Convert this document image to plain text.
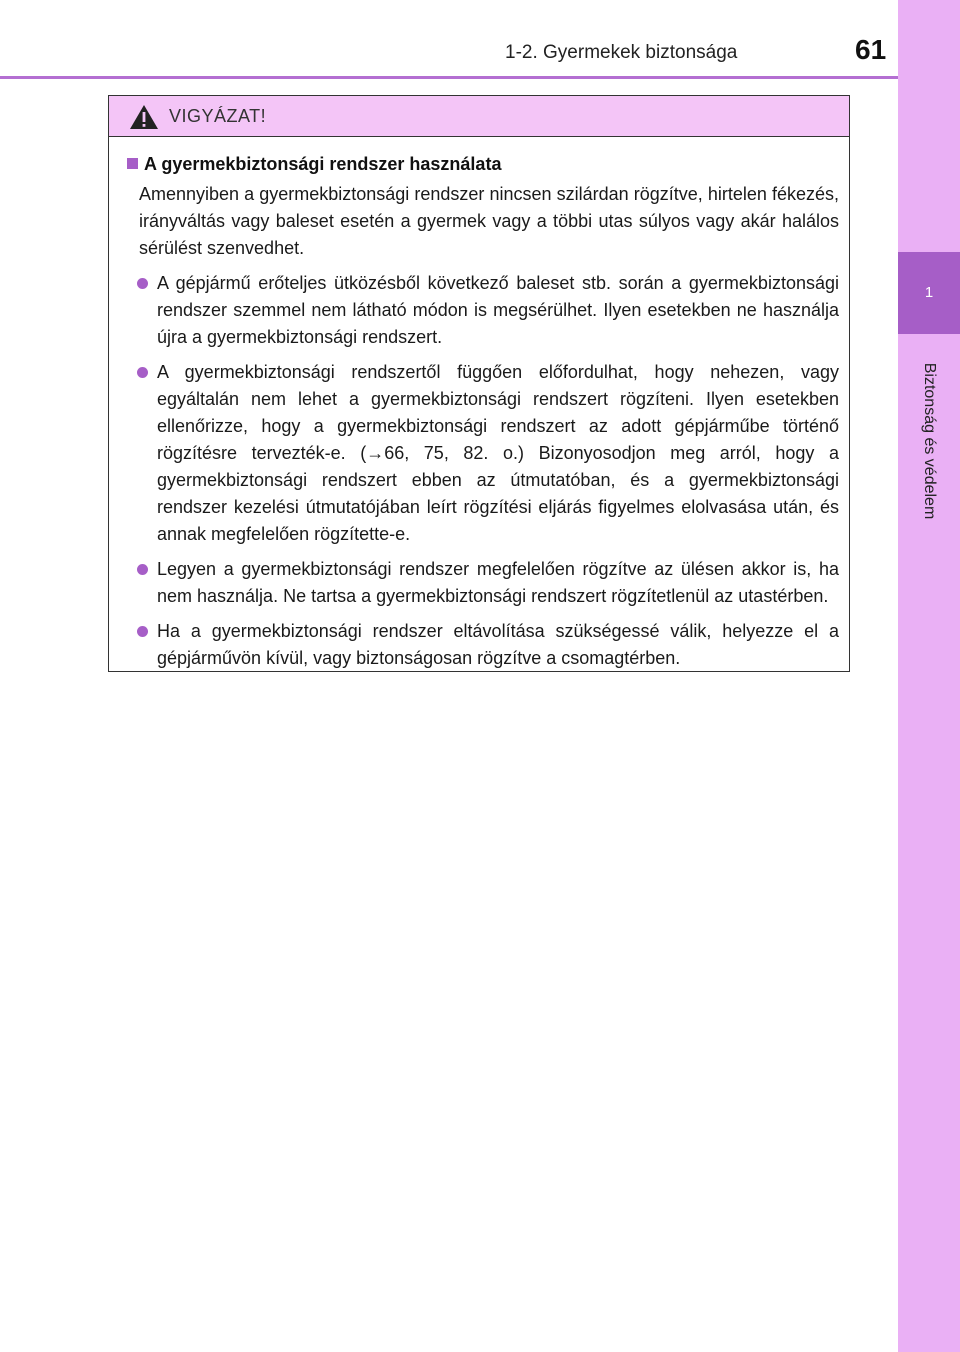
1-2. Gyermekek biztonsága	61
1
Biztonság és védelem
VIGYÁZAT!
A gyermekbiztonsági rendszer használata

Amennyiben a gyermekbiztonsági rendszer nincsen szilárdan rögzítve, hirtelen fékezés, irányváltás vagy baleset esetén a gyermek vagy a többi utas súlyos vagy akár halálos sérülést szenvedhet.

A gépjármű erőteljes ütközésből következő baleset stb. során a gyermekbiztonsági rendszer szemmel nem látható módon is megsérülhet. Ilyen esetekben ne használja újra a gyermekbiztonsági rendszert.
A gyermekbiztonsági rendszertől függően előfordulhat, hogy nehezen, vagy egyáltalán nem lehet a gyermekbiztonsági rendszert rögzíteni. Ilyen esetekben ellenőrizze, hogy a gyermekbiztonsági rendszert az adott gépjárműbe történő rögzítésre tervezték-e. (→66, 75, 82. o.) Bizonyosodjon meg arról, hogy a gyermekbiztonsági rendszert ebben az útmutatóban, és a gyermekbiztonsági rendszer kezelési útmutatójában leírt rögzítési eljárás figyelmes elolvasása után, és annak megfelelően rögzítette-e.
Legyen a gyermekbiztonsági rendszer megfelelően rögzítve az ülésen akkor is, ha nem használja. Ne tartsa a gyermekbiztonsági rendszert rögzítetlenül az utastérben.
Ha a gyermekbiztonsági rendszer eltávolítása szükségessé válik, helyezze el a gépjárművön kívül, vagy biztonságosan rögzítve a csomagtérben.
